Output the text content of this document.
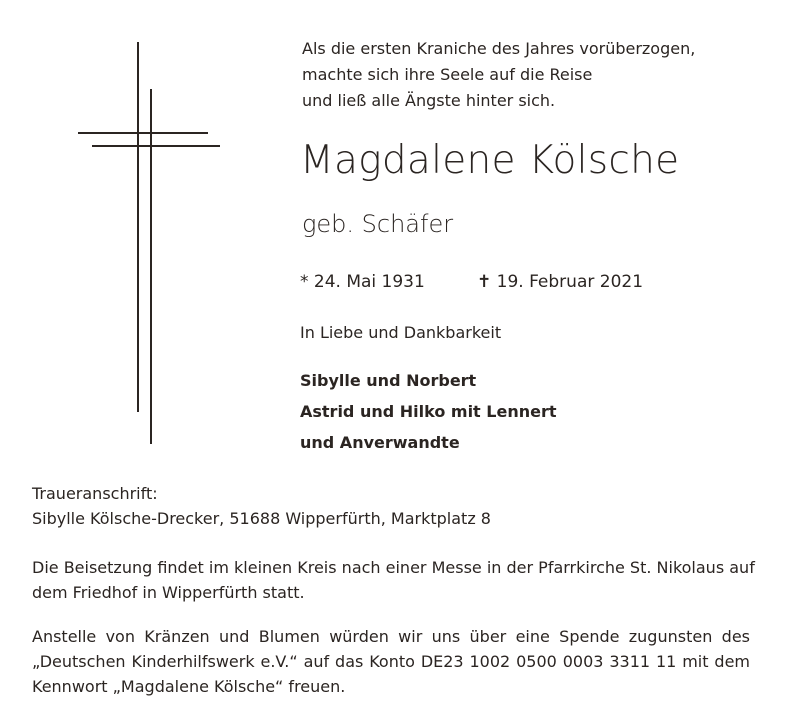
Als die ersten Kraniche des Jahres vorüberzogen,
machte sich ihre Seele auf die Reise
und ließ alle Ängste hinter sich.
Magdalene Kölsche
geb. Schäfer
* 24. Mai 1931	✝ 19. Februar 2021
In Liebe und Dankbarkeit
Sibylle und Norbert
Astrid und Hilko mit Lennert
und Anverwandte
Traueranschrift:
Sibylle Kölsche-Drecker, 51688 Wipperfürth, Marktplatz 8
Die Beisetzung findet im kleinen Kreis nach einer Messe in der Pfarrkirche St. Nikolaus auf
dem Friedhof in Wipperfürth statt.
Anstelle von Kränzen und Blumen würden wir uns über eine Spende zugunsten des
„Deutschen Kinderhilfswerk e.V.“ auf das Konto DE23 1002 0500 0003 3311 11 mit dem
Kennwort „Magdalene Kölsche“ freuen.
